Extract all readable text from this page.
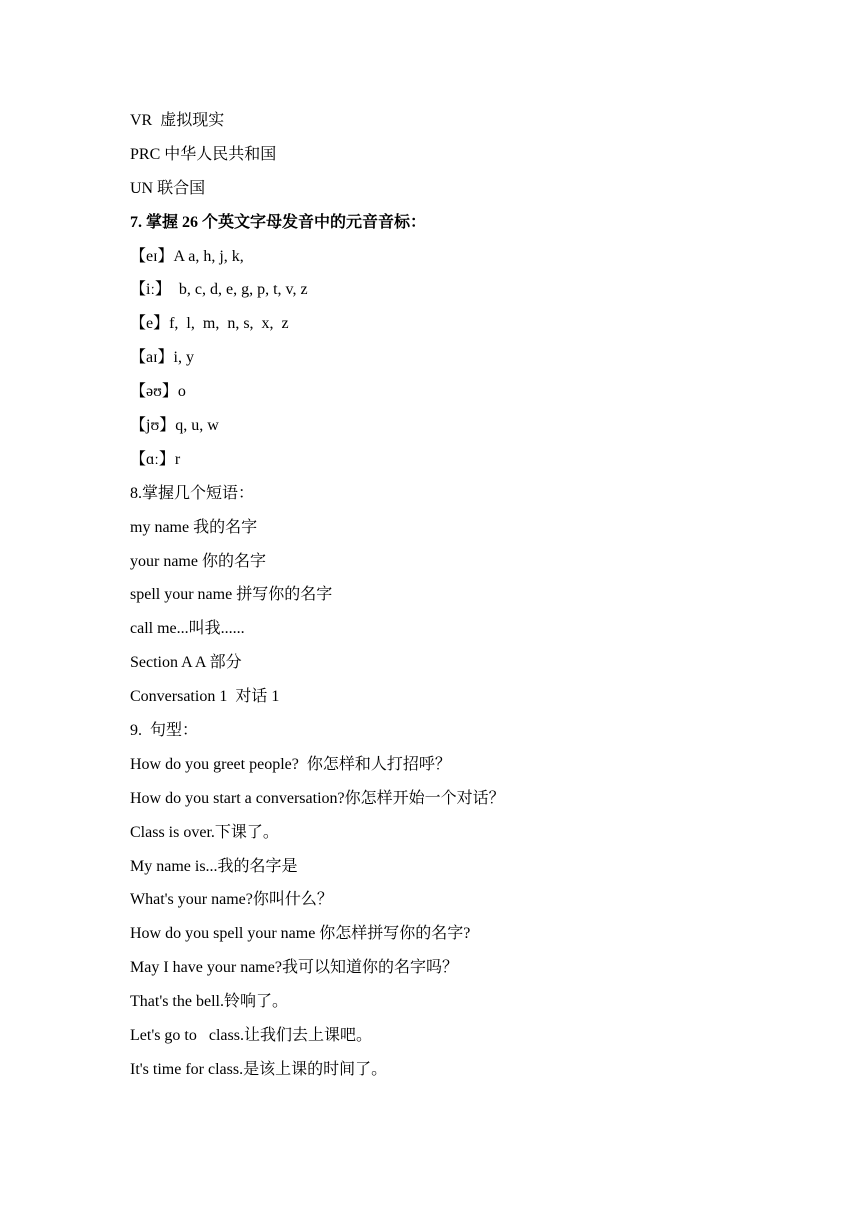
VR  虚拟现实
PRC 中华人民共和国
UN 联合国
7. 掌握 26 个英文字母发音中的元音音标：
【eɪ】A a, h, j, k,
【iː】  b, c, d, e, g, p, t, v, z
【e】f,  l,  m,  n, s,  x,  z
【aɪ】i, y
【əʊ】o
【jʊ】q, u, w
【ɑː】r
8.掌握几个短语：
my name 我的名字
your name 你的名字
spell your name 拼写你的名字
call me...叫我......
Section A A 部分
Conversation 1  对话 1
9.  句型：
How do you greet people?  你怎样和人打招呼？
How do you start a conversation?你怎样开始一个对话？
Class is over.下课了。
My name is...我的名字是
What's your name?你叫什么？
How do you spell your name 你怎样拼写你的名字?
May I have your name?我可以知道你的名字吗？
That's the bell.铃响了。
Let's go to   class.让我们去上课吧。
It's time for class.是该上课的时间了。
